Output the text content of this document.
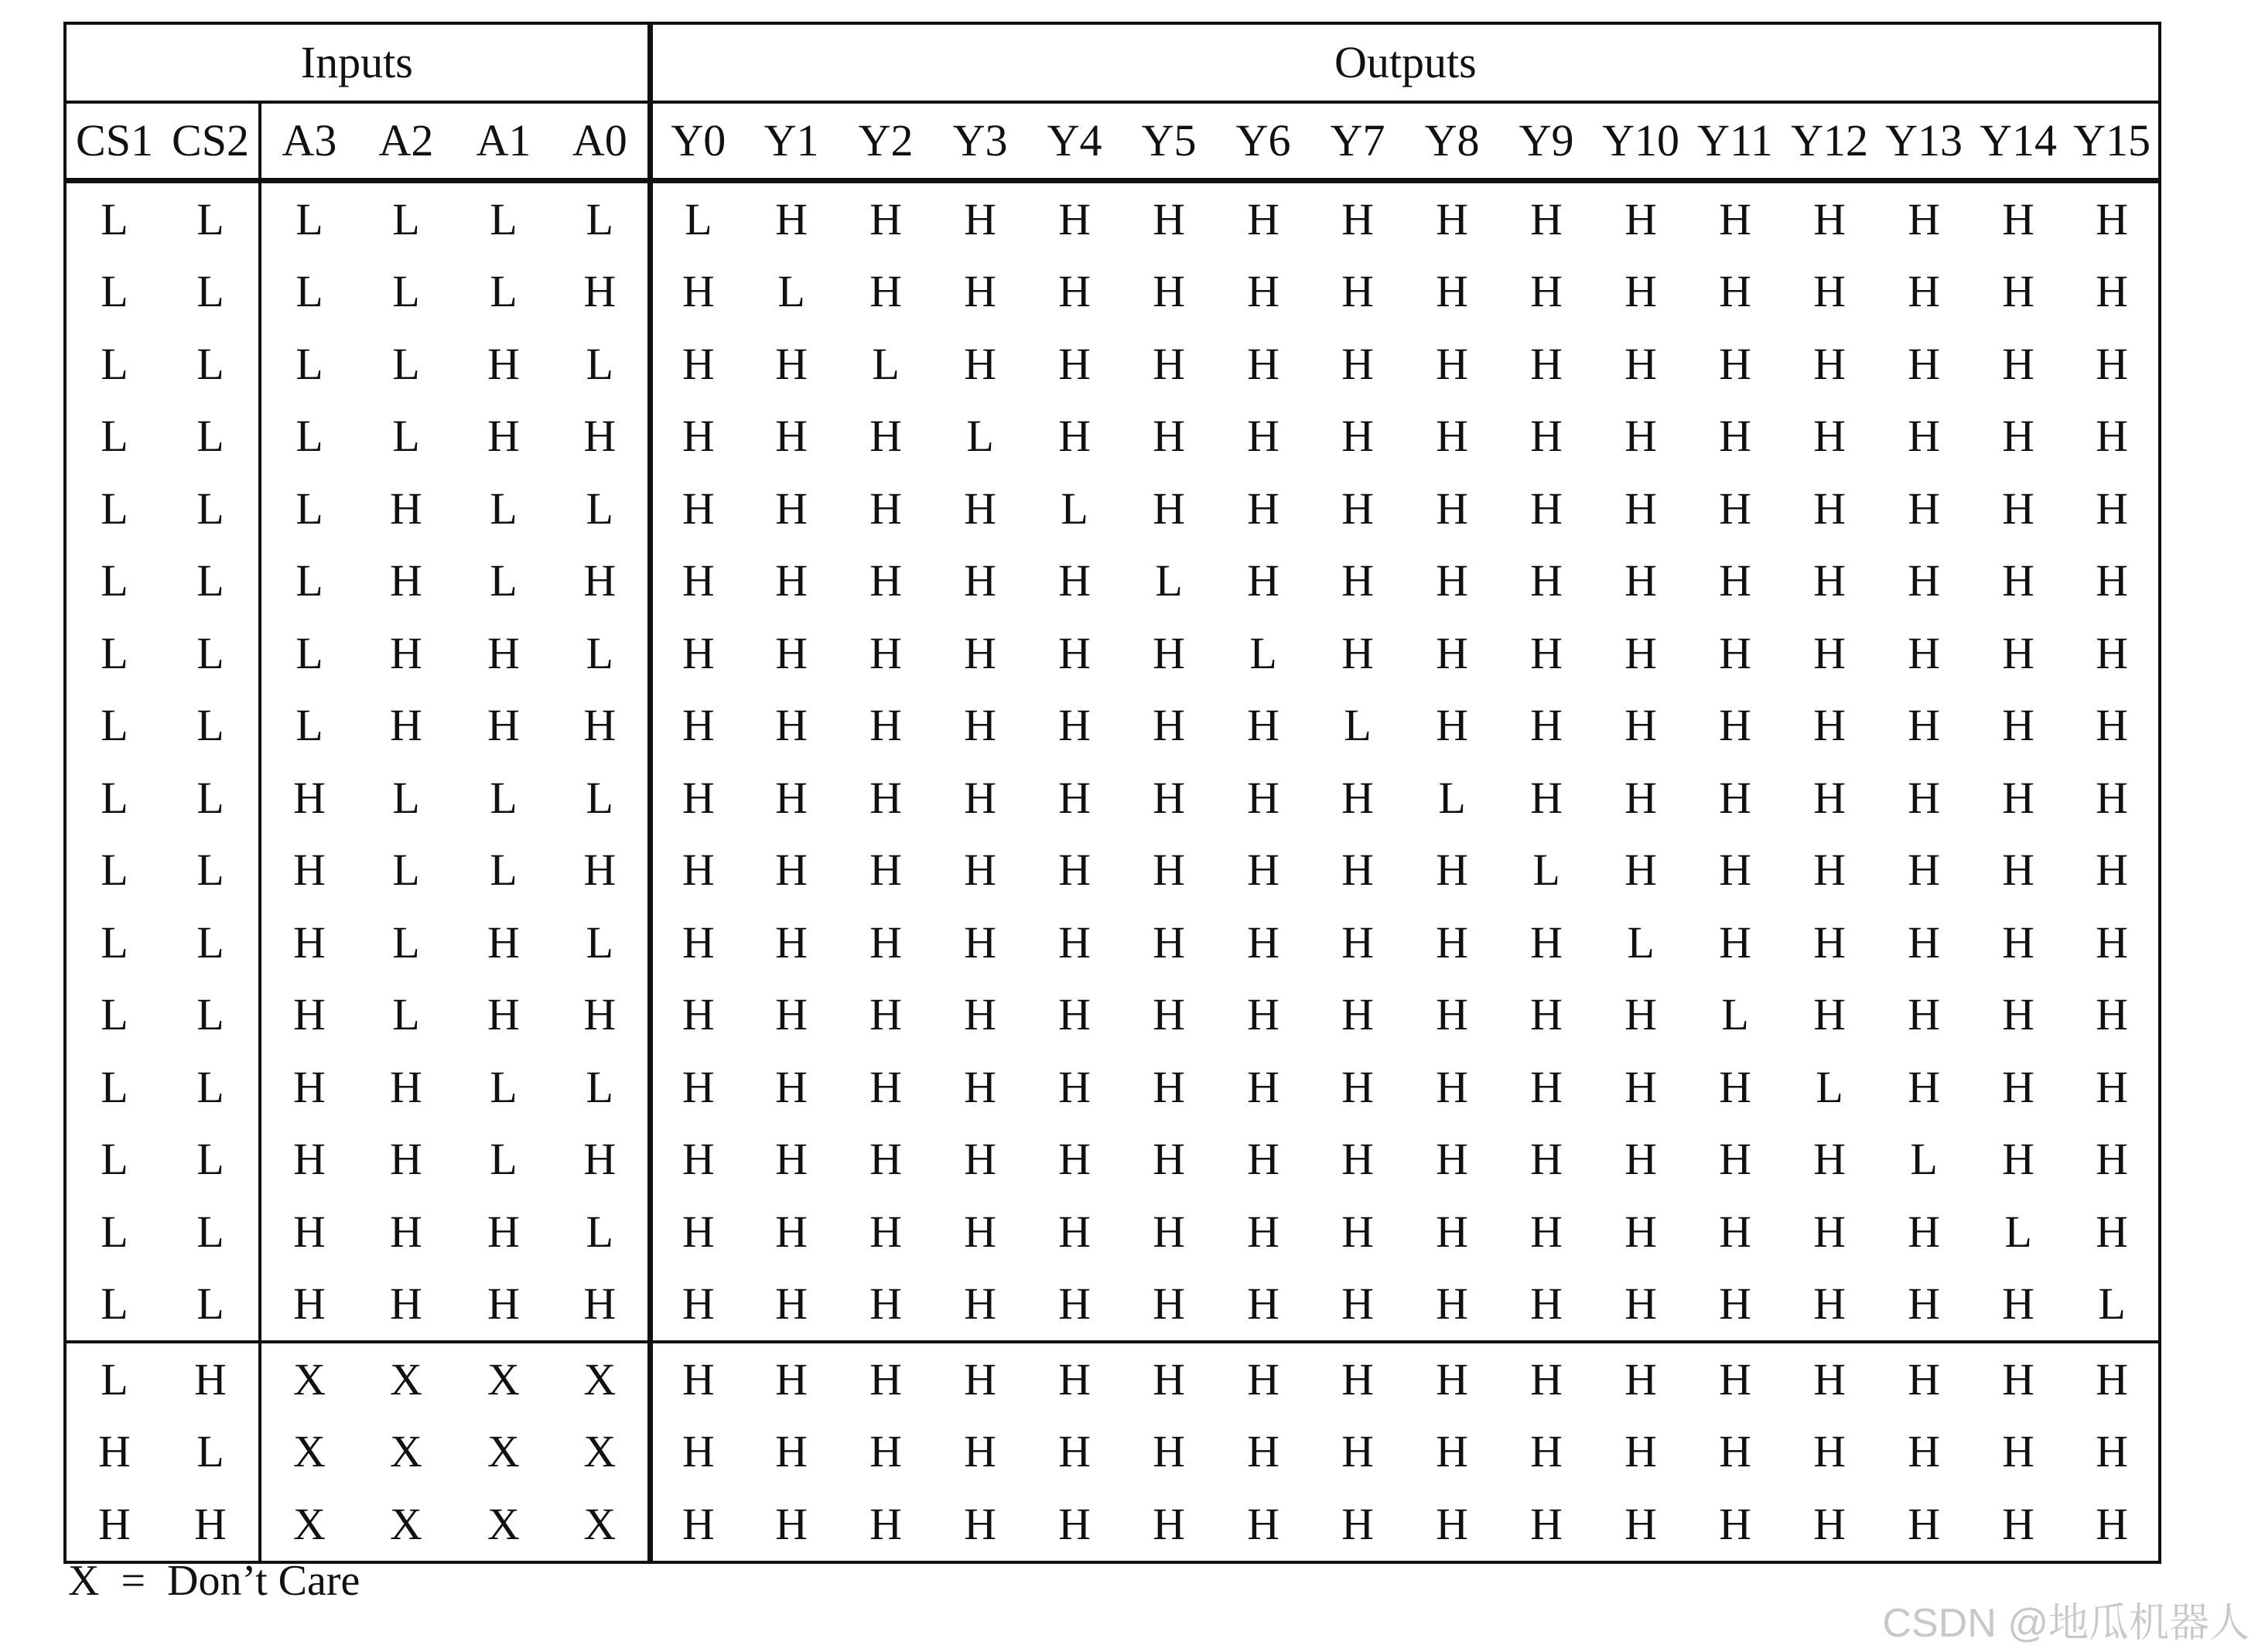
Inputs						Outputs															
CS1	CS2	A3	A2	A1	A0	Y0	Y1	Y2	Y3	Y4	Y5	Y6	Y7	Y8	Y9	Y10	Y11	Y12	Y13	Y14	Y15
L	L	L	L	L	L	L	H	H	H	H	H	H	H	H	H	H	H	H	H	H	H
L	L	L	L	L	H	H	L	H	H	H	H	H	H	H	H	H	H	H	H	H	H
L	L	L	L	H	L	H	H	L	H	H	H	H	H	H	H	H	H	H	H	H	H
L	L	L	L	H	H	H	H	H	L	H	H	H	H	H	H	H	H	H	H	H	H
L	L	L	H	L	L	H	H	H	H	L	H	H	H	H	H	H	H	H	H	H	H
L	L	L	H	L	H	H	H	H	H	H	L	H	H	H	H	H	H	H	H	H	H
L	L	L	H	H	L	H	H	H	H	H	H	L	H	H	H	H	H	H	H	H	H
L	L	L	H	H	H	H	H	H	H	H	H	H	L	H	H	H	H	H	H	H	H
L	L	H	L	L	L	H	H	H	H	H	H	H	H	L	H	H	H	H	H	H	H
L	L	H	L	L	H	H	H	H	H	H	H	H	H	H	L	H	H	H	H	H	H
L	L	H	L	H	L	H	H	H	H	H	H	H	H	H	H	L	H	H	H	H	H
L	L	H	L	H	H	H	H	H	H	H	H	H	H	H	H	H	L	H	H	H	H
L	L	H	H	L	L	H	H	H	H	H	H	H	H	H	H	H	H	L	H	H	H
L	L	H	H	L	H	H	H	H	H	H	H	H	H	H	H	H	H	H	L	H	H
L	L	H	H	H	L	H	H	H	H	H	H	H	H	H	H	H	H	H	H	L	H
L	L	H	H	H	H	H	H	H	H	H	H	H	H	H	H	H	H	H	H	H	L
L	H	X	X	X	X	H	H	H	H	H	H	H	H	H	H	H	H	H	H	H	H
H	L	X	X	X	X	H	H	H	H	H	H	H	H	H	H	H	H	H	H	H	H
H	H	X	X	X	X	H	H	H	H	H	H	H	H	H	H	H	H	H	H	H	H
X  =  Don’t Care
CSDN @地瓜机器人
